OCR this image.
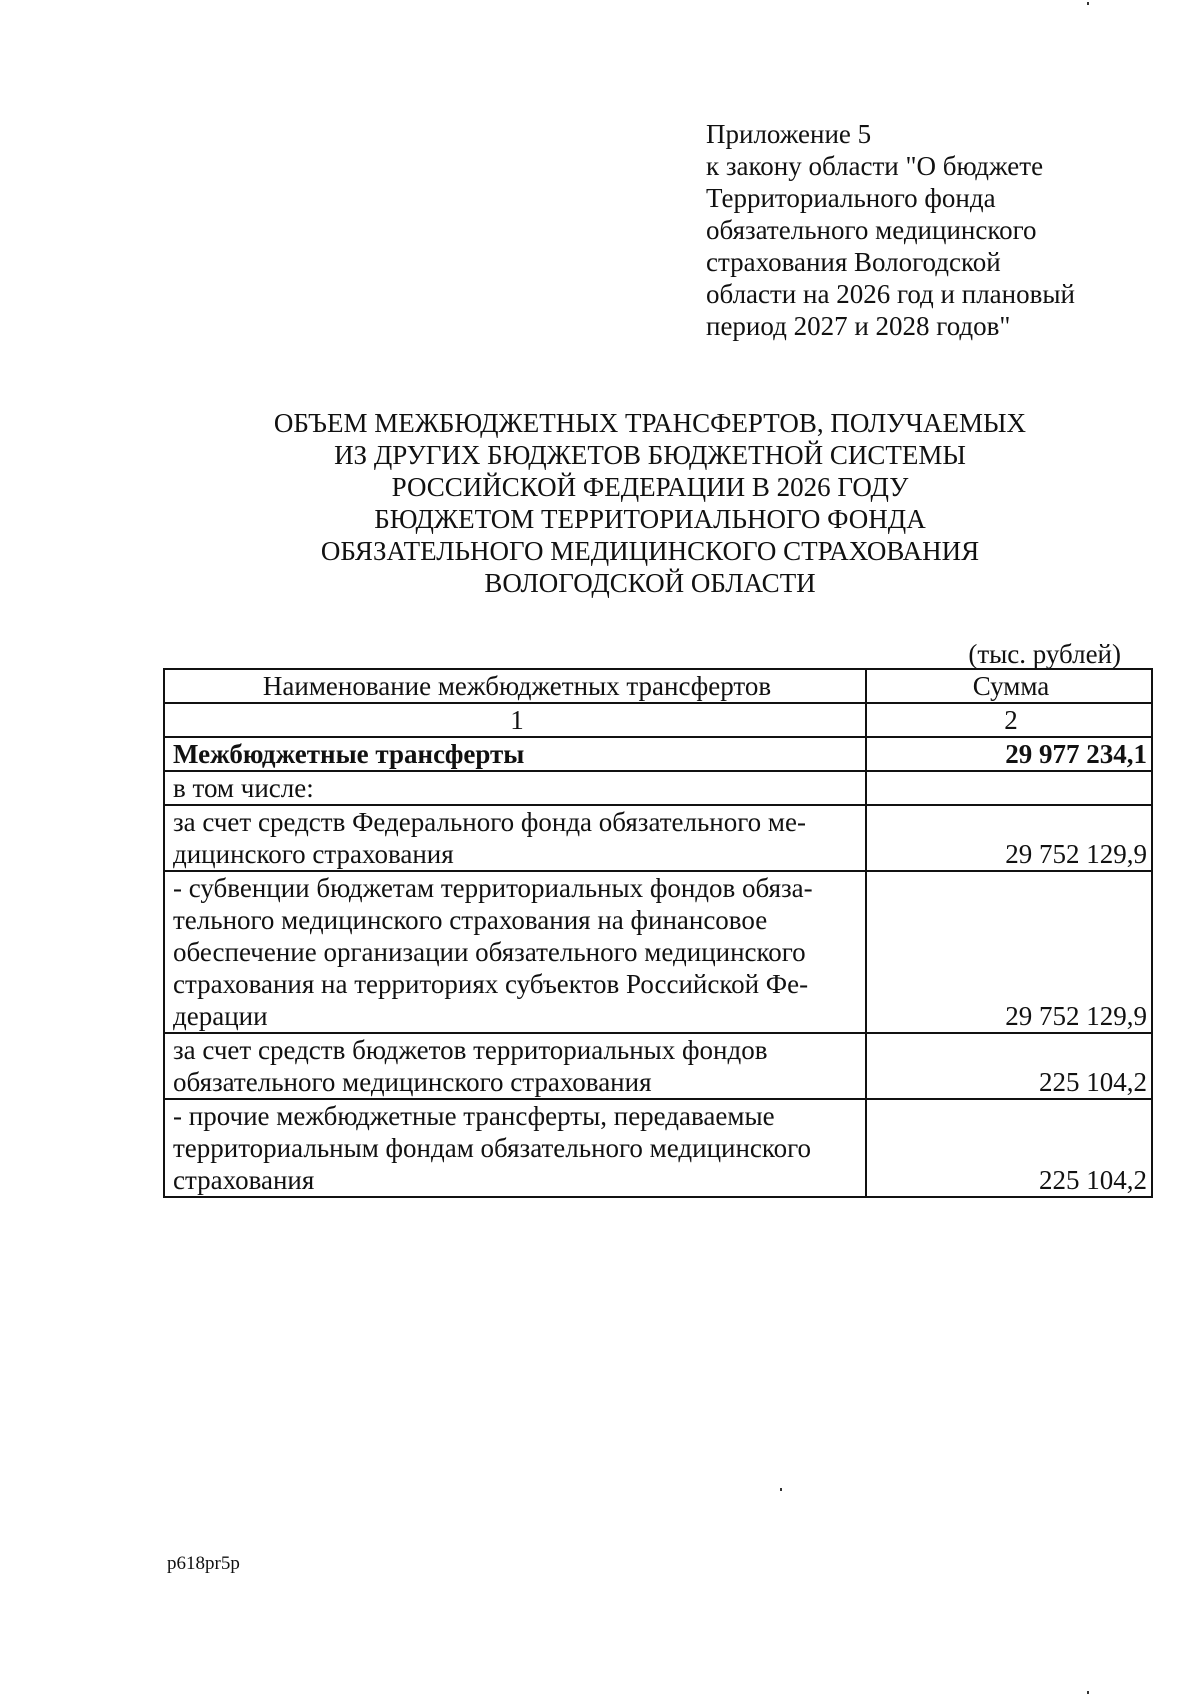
Приложение 5
к закону области "О бюджете
Территориального фонда
обязательного медицинского
страхования Вологодской
области на 2026 год и плановый
период 2027 и 2028 годов"
ОБЪЕМ МЕЖБЮДЖЕТНЫХ ТРАНСФЕРТОВ, ПОЛУЧАЕМЫХ
ИЗ ДРУГИХ БЮДЖЕТОВ БЮДЖЕТНОЙ СИСТЕМЫ
РОССИЙСКОЙ ФЕДЕРАЦИИ В 2026 ГОДУ
БЮДЖЕТОМ ТЕРРИТОРИАЛЬНОГО ФОНДА
ОБЯЗАТЕЛЬНОГО МЕДИЦИНСКОГО СТРАХОВАНИЯ
ВОЛОГОДСКОЙ ОБЛАСТИ
(тыс. рублей)
Наименование межбюджетных трансфертов	Сумма
1	2

Межбюджетные трансферты	29 977 234,1

в том числе:	

за счет средств Федерального фонда обязательного ме-
дицинского страхования	29 752 129,9

- субвенции бюджетам территориальных фондов обяза-
тельного медицинского страхования на финансовое
обеспечение организации обязательного медицинского
страхования на территориях субъектов Российской Фе-
дерации	29 752 129,9

за счет средств бюджетов территориальных фондов
обязательного медицинского страхования	225 104,2

- прочие межбюджетные трансферты, передаваемые
территориальным фондам обязательного медицинского
страхования	225 104,2
p618pr5p
